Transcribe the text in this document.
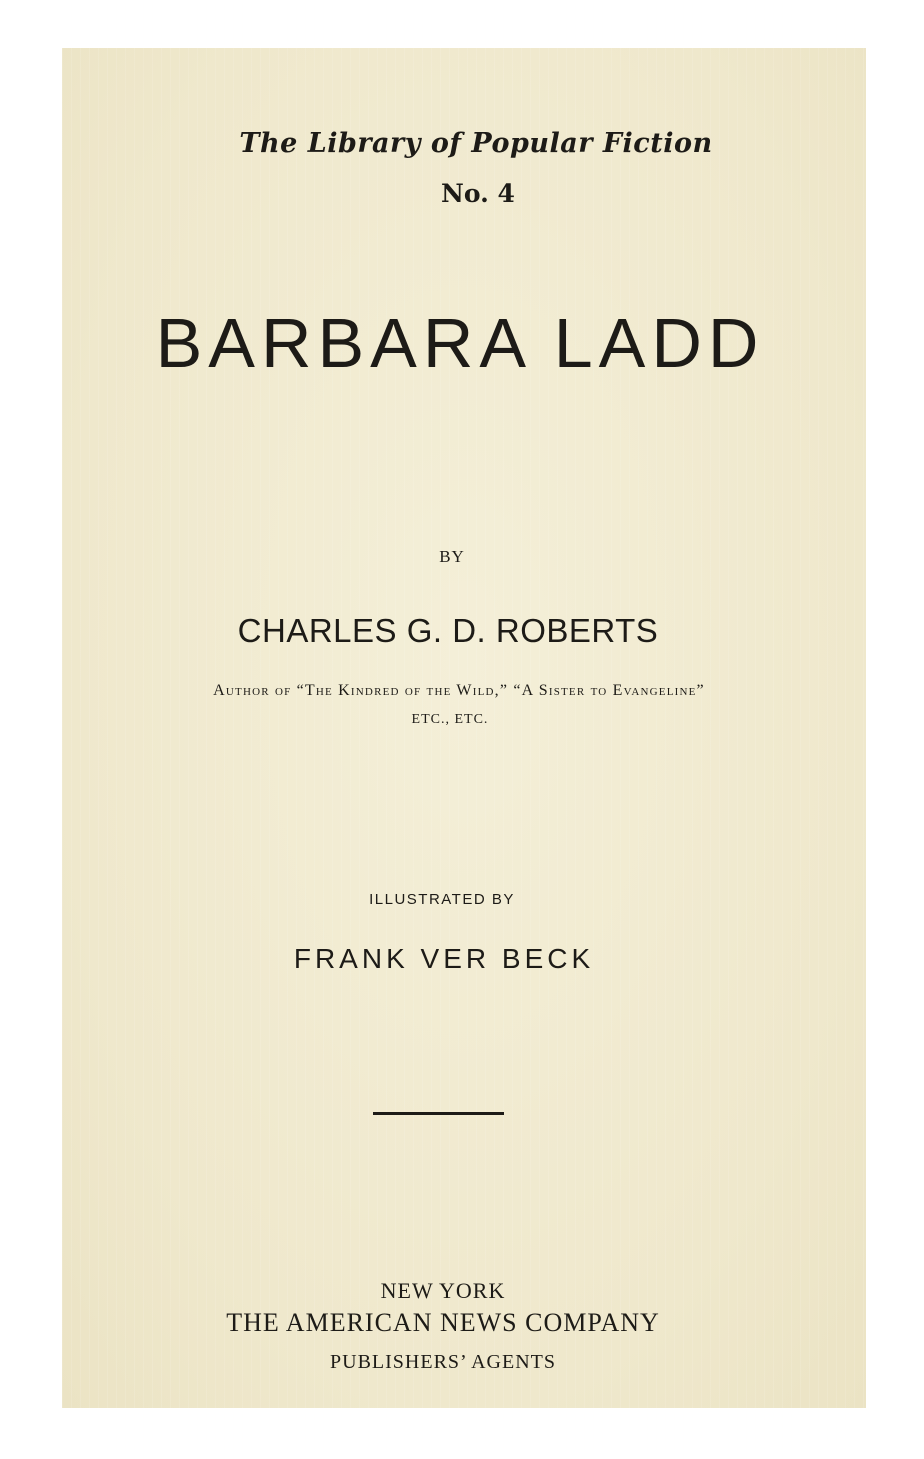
The Library of Popular Fiction
No. 4
BARBARA LADD
BY
CHARLES G. D. ROBERTS
Author of “The Kindred of the Wild,” “A Sister to Evangeline”
ETC., ETC.
ILLUSTRATED BY
FRANK VER BECK
NEW YORK
THE AMERICAN NEWS COMPANY
PUBLISHERS’ AGENTS
